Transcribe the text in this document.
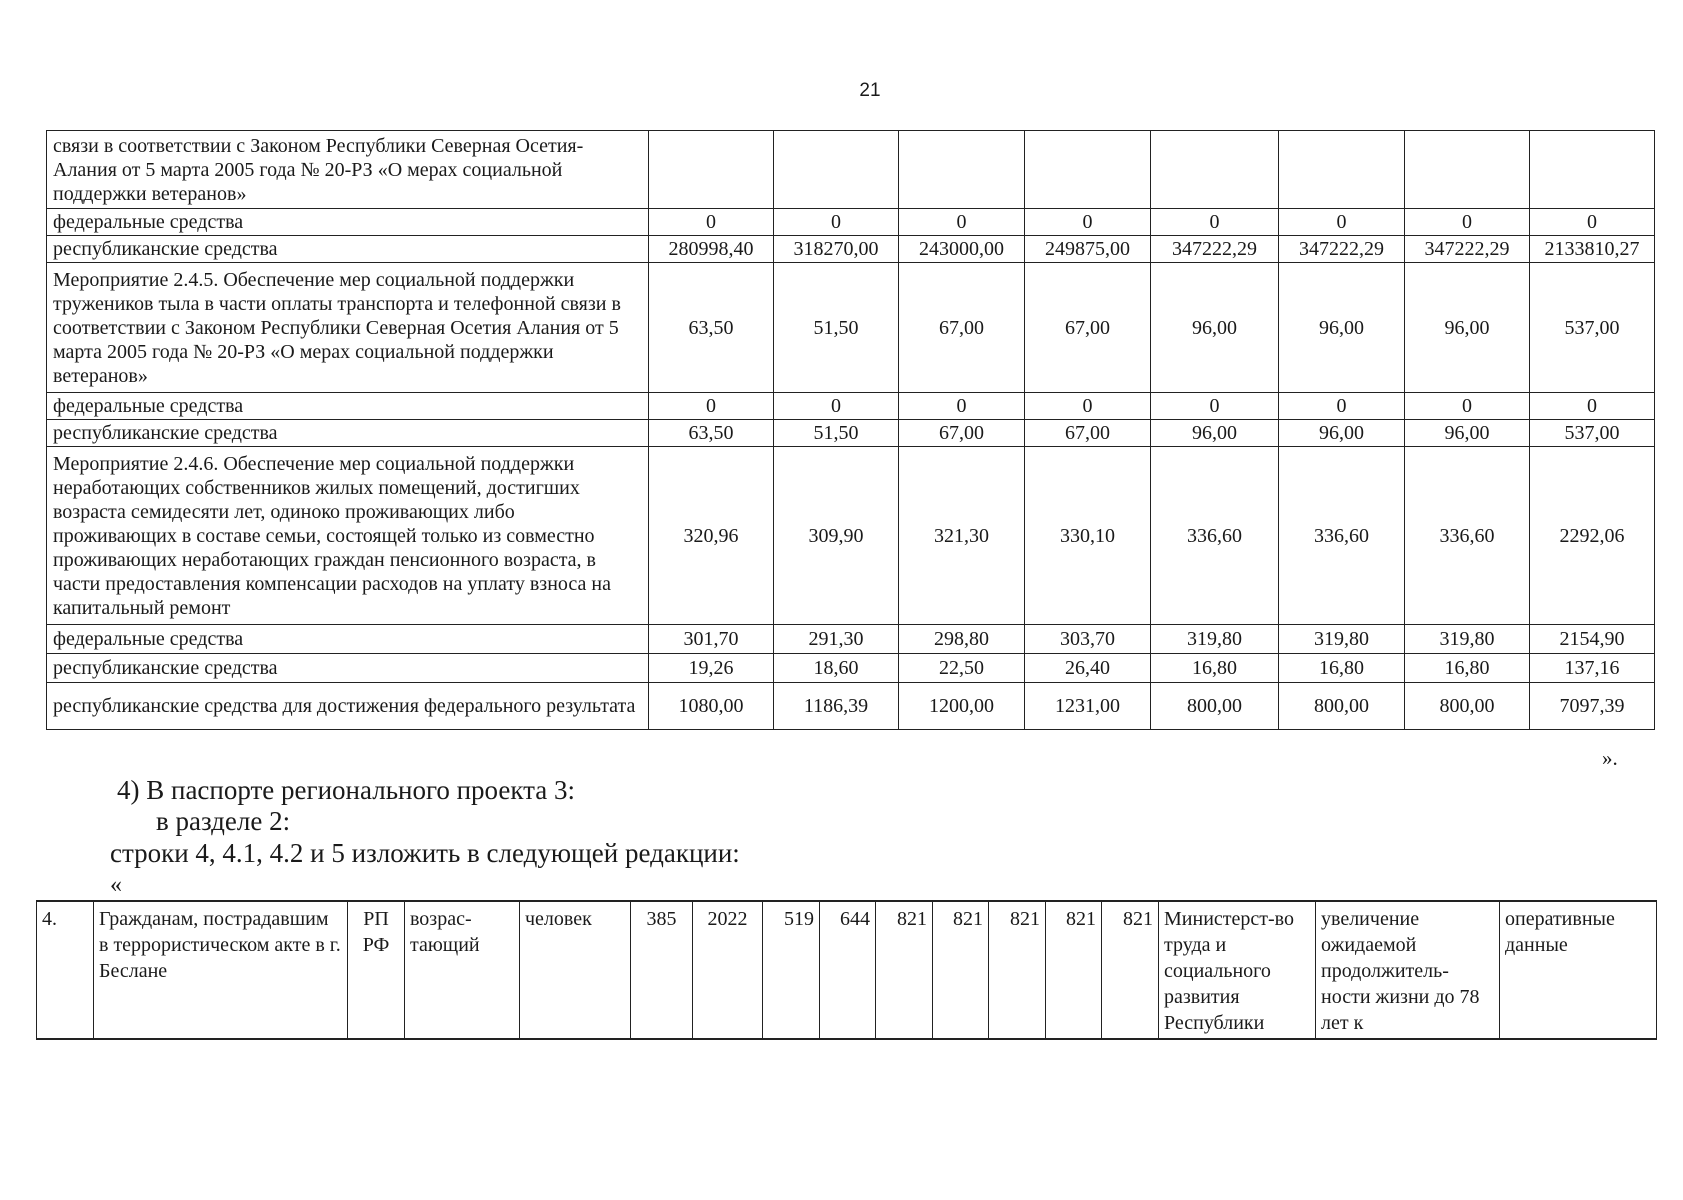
21
связи в соответствии с Законом Республики Северная Осетия-Алания от 5 марта 2005 года № 20-РЗ «О мерах социальной поддержки ветеранов»								
федеральные средства	0	0	0	0	0	0	0	0
республиканские средства	280998,40	318270,00	243000,00	249875,00	347222,29	347222,29	347222,29	2133810,27
Мероприятие 2.4.5. Обеспечение мер социальной поддержки тружеников тыла в части оплаты транспорта и телефонной связи в соответствии с Законом Республики Северная Осетия Алания от 5 марта 2005 года № 20-РЗ «О мерах социальной поддержки ветеранов»	63,50	51,50	67,00	67,00	96,00	96,00	96,00	537,00
федеральные средства	0	0	0	0	0	0	0	0
республиканские средства	63,50	51,50	67,00	67,00	96,00	96,00	96,00	537,00
Мероприятие 2.4.6. Обеспечение мер социальной поддержки неработающих собственников жилых помещений, достигших возраста семидесяти лет, одиноко проживающих либо проживающих в составе семьи, состоящей только из совместно проживающих неработающих граждан пенсионного возраста, в части предоставления компенсации расходов на уплату взноса на капитальный ремонт	320,96	309,90	321,30	330,10	336,60	336,60	336,60	2292,06
федеральные средства	301,70	291,30	298,80	303,70	319,80	319,80	319,80	2154,90
республиканские средства	19,26	18,60	22,50	26,40	16,80	16,80	16,80	137,16
республиканские средства для достижения федерального результата	1080,00	1186,39	1200,00	1231,00	800,00	800,00	800,00	7097,39
».
4) В паспорте регионального проекта 3:
в разделе 2:
строки 4, 4.1, 4.2 и 5 изложить в следующей редакции:
«
4.	Гражданам, пострадавшим в террористическом акте в г. Беслане	РП РФ	возрас-тающий	человек	385	2022	519	644	821	821	821	821	821	Министерст-во труда и социального развития Республики	увеличение ожидаемой продолжитель-ности жизни до 78 лет к	оперативные данные
